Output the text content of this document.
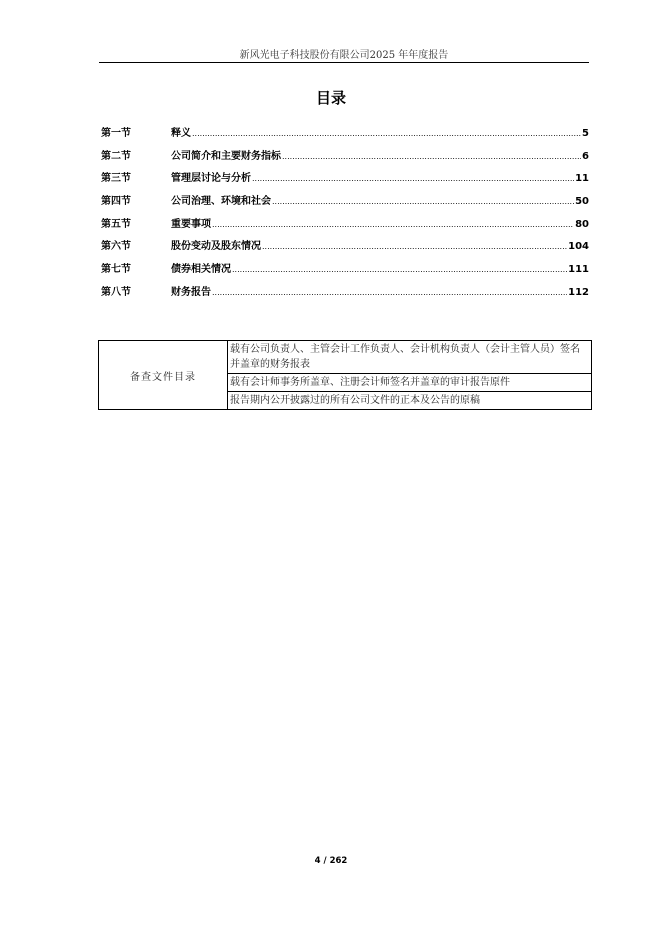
新风光电子科技股份有限公司2025 年年度报告
目录
第一节	释义 .....	5
第二节	公司简介和主要财务指标 .....	6
第三节	管理层讨论与分析 .....	11
第四节	公司治理、环境和社会 .....	50
第五节	重要事项 .....	80
第六节	股份变动及股东情况 .....	104
第七节	债券相关情况 .....	111
第八节	财务报告 .....	112
备查文件目录	载有公司负责人、主管会计工作负责人、会计机构负责人（会计主管人员）签名并盖章的财务报表
载有会计师事务所盖章、注册会计师签名并盖章的审计报告原件
报告期内公开披露过的所有公司文件的正本及公告的原稿
4 / 262
